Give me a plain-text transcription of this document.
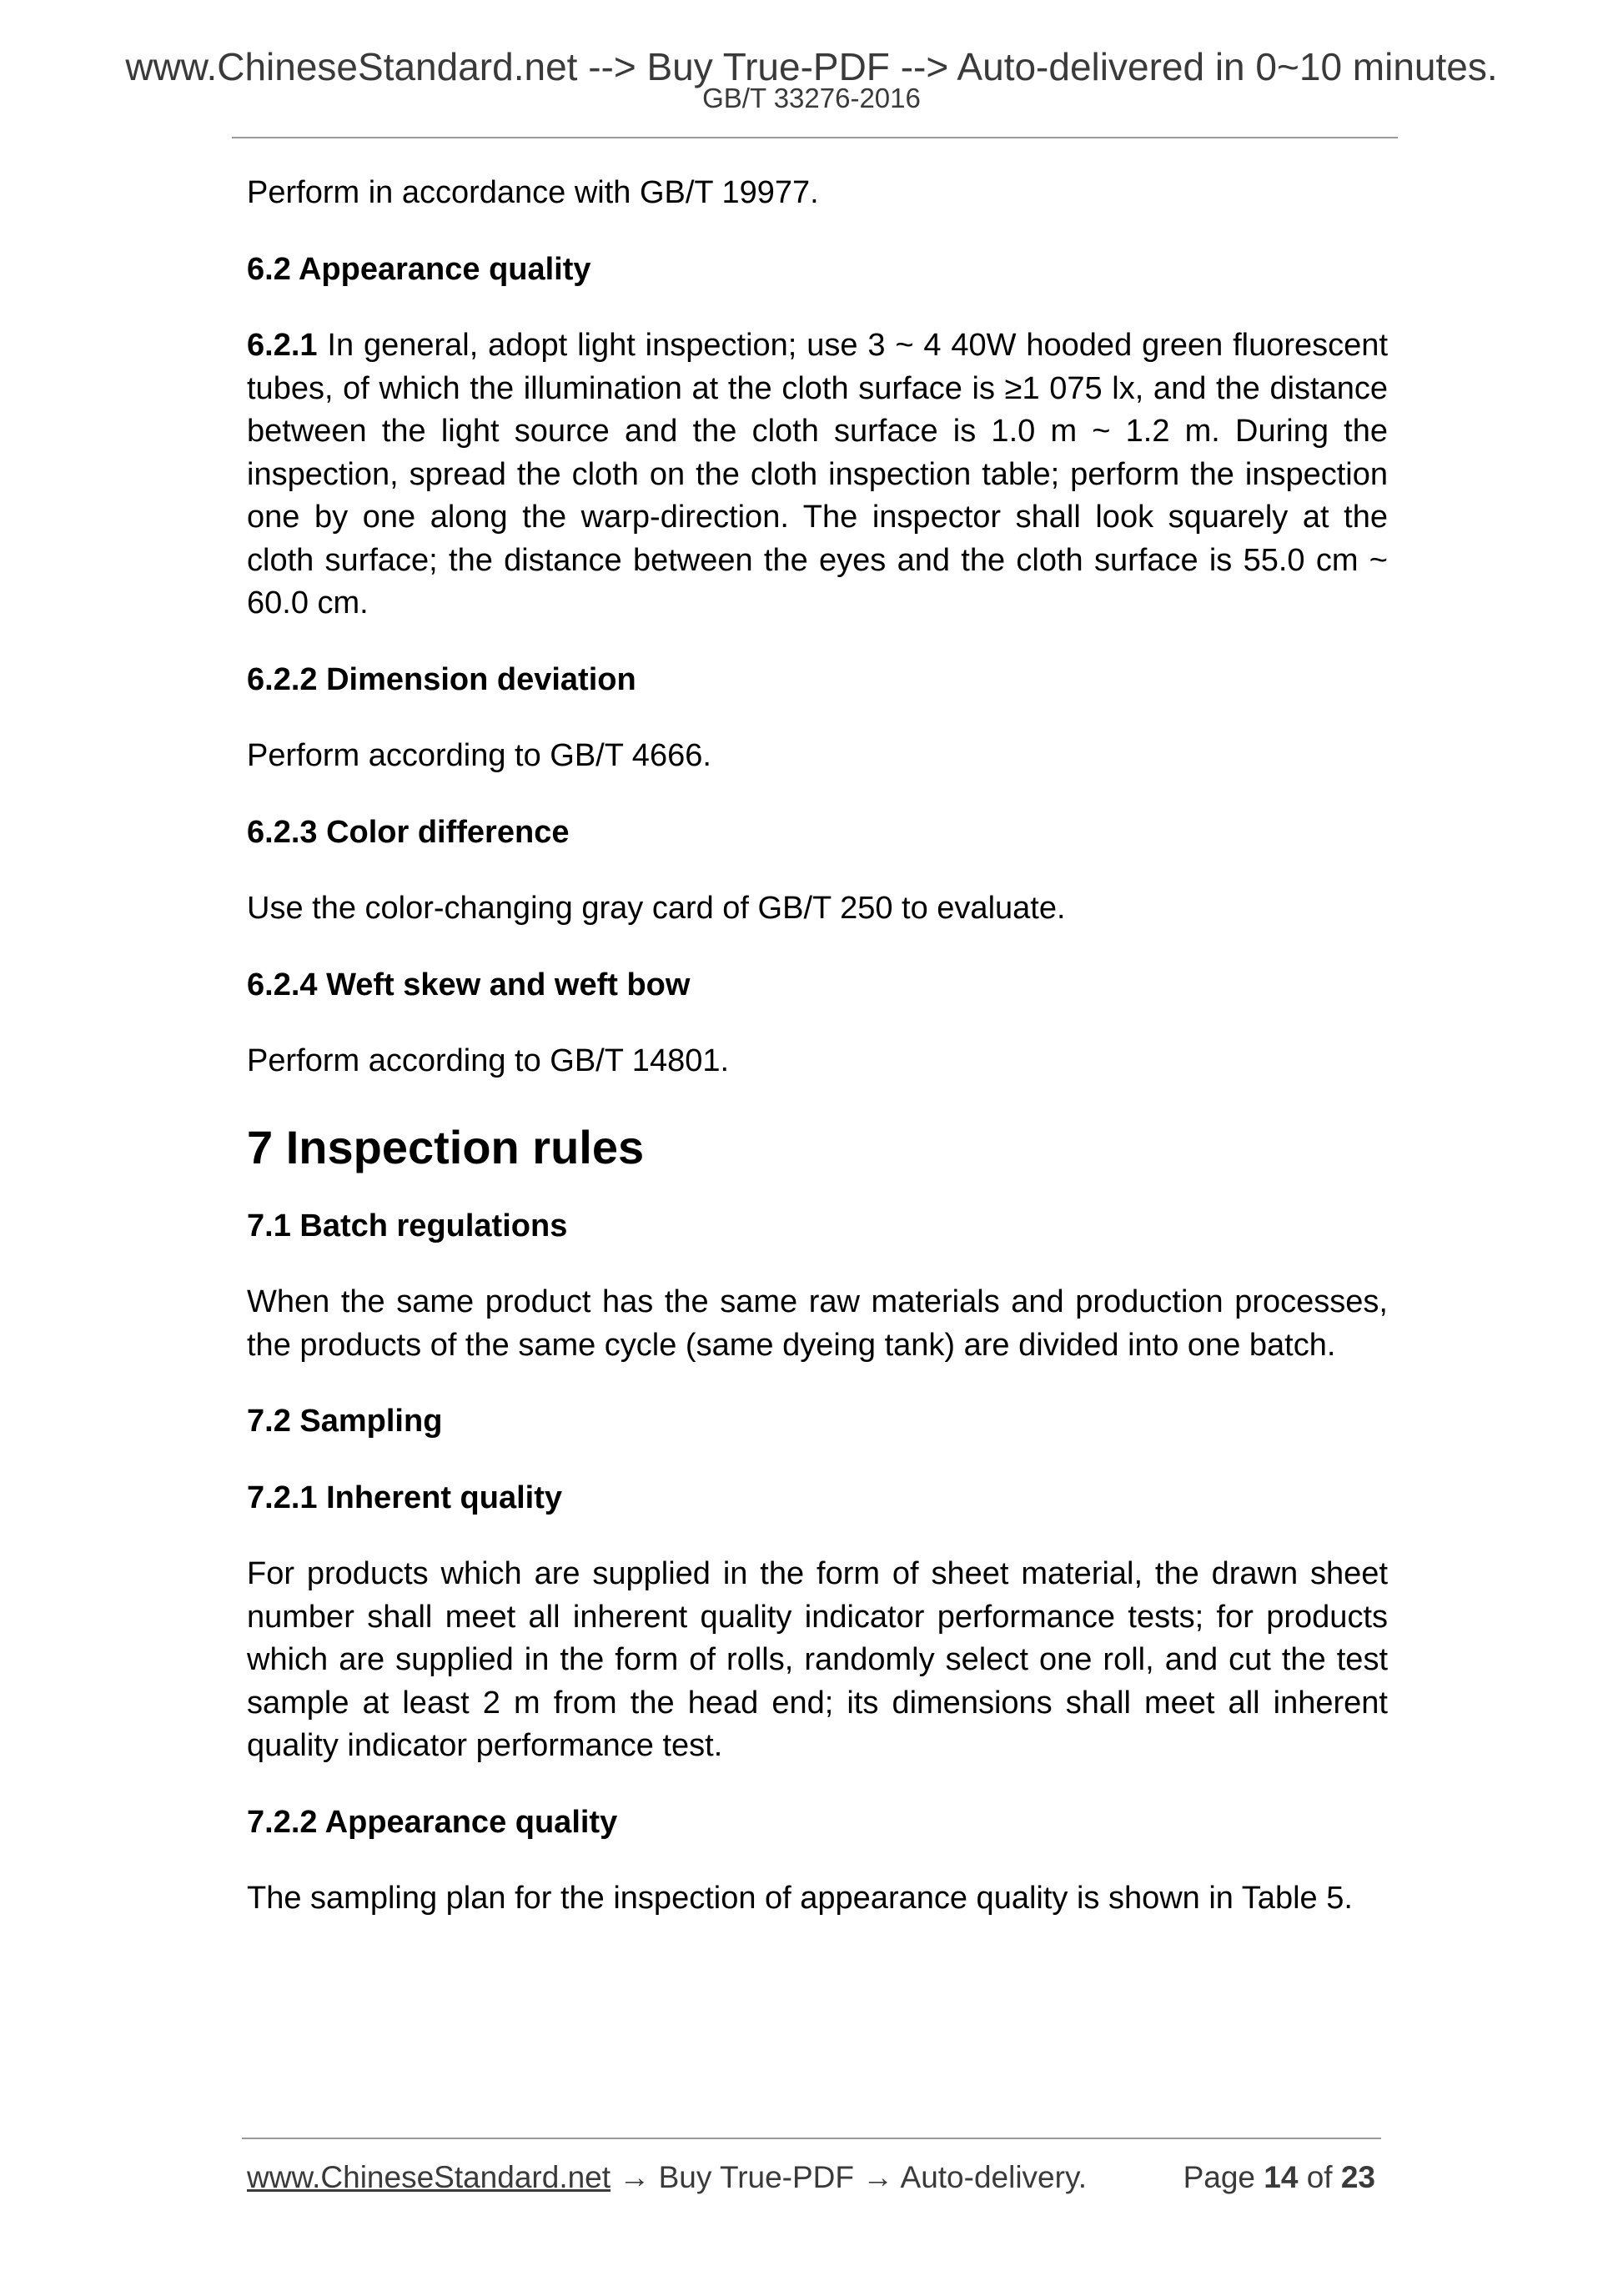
www.ChineseStandard.net --> Buy True-PDF --> Auto-delivered in 0~10 minutes.
GB/T 33276-2016

Perform in accordance with GB/T 19977.

6.2 Appearance quality

6.2.1 In general, adopt light inspection; use 3 ~ 4 40W hooded green fluorescent tubes, of which the illumination at the cloth surface is ≥1 075 lx, and the distance between the light source and the cloth surface is 1.0 m ~ 1.2 m. During the inspection, spread the cloth on the cloth inspection table; perform the inspection one by one along the warp-direction. The inspector shall look squarely at the cloth surface; the distance between the eyes and the cloth surface is 55.0 cm ~ 60.0 cm.

6.2.2 Dimension deviation

Perform according to GB/T 4666.

6.2.3 Color difference

Use the color-changing gray card of GB/T 250 to evaluate.

6.2.4 Weft skew and weft bow

Perform according to GB/T 14801.

7 Inspection rules
7.1 Batch regulations

When the same product has the same raw materials and production processes, the products of the same cycle (same dyeing tank) are divided into one batch.

7.2 Sampling
7.2.1 Inherent quality

For products which are supplied in the form of sheet material, the drawn sheet number shall meet all inherent quality indicator performance tests; for products which are supplied in the form of rolls, randomly select one roll, and cut the test sample at least 2 m from the head end; its dimensions shall meet all inherent quality indicator performance test.

7.2.2 Appearance quality

The sampling plan for the inspection of appearance quality is shown in Table 5.

www.ChineseStandard.net → Buy True-PDF → Auto-delivery.	Page 14 of 23
